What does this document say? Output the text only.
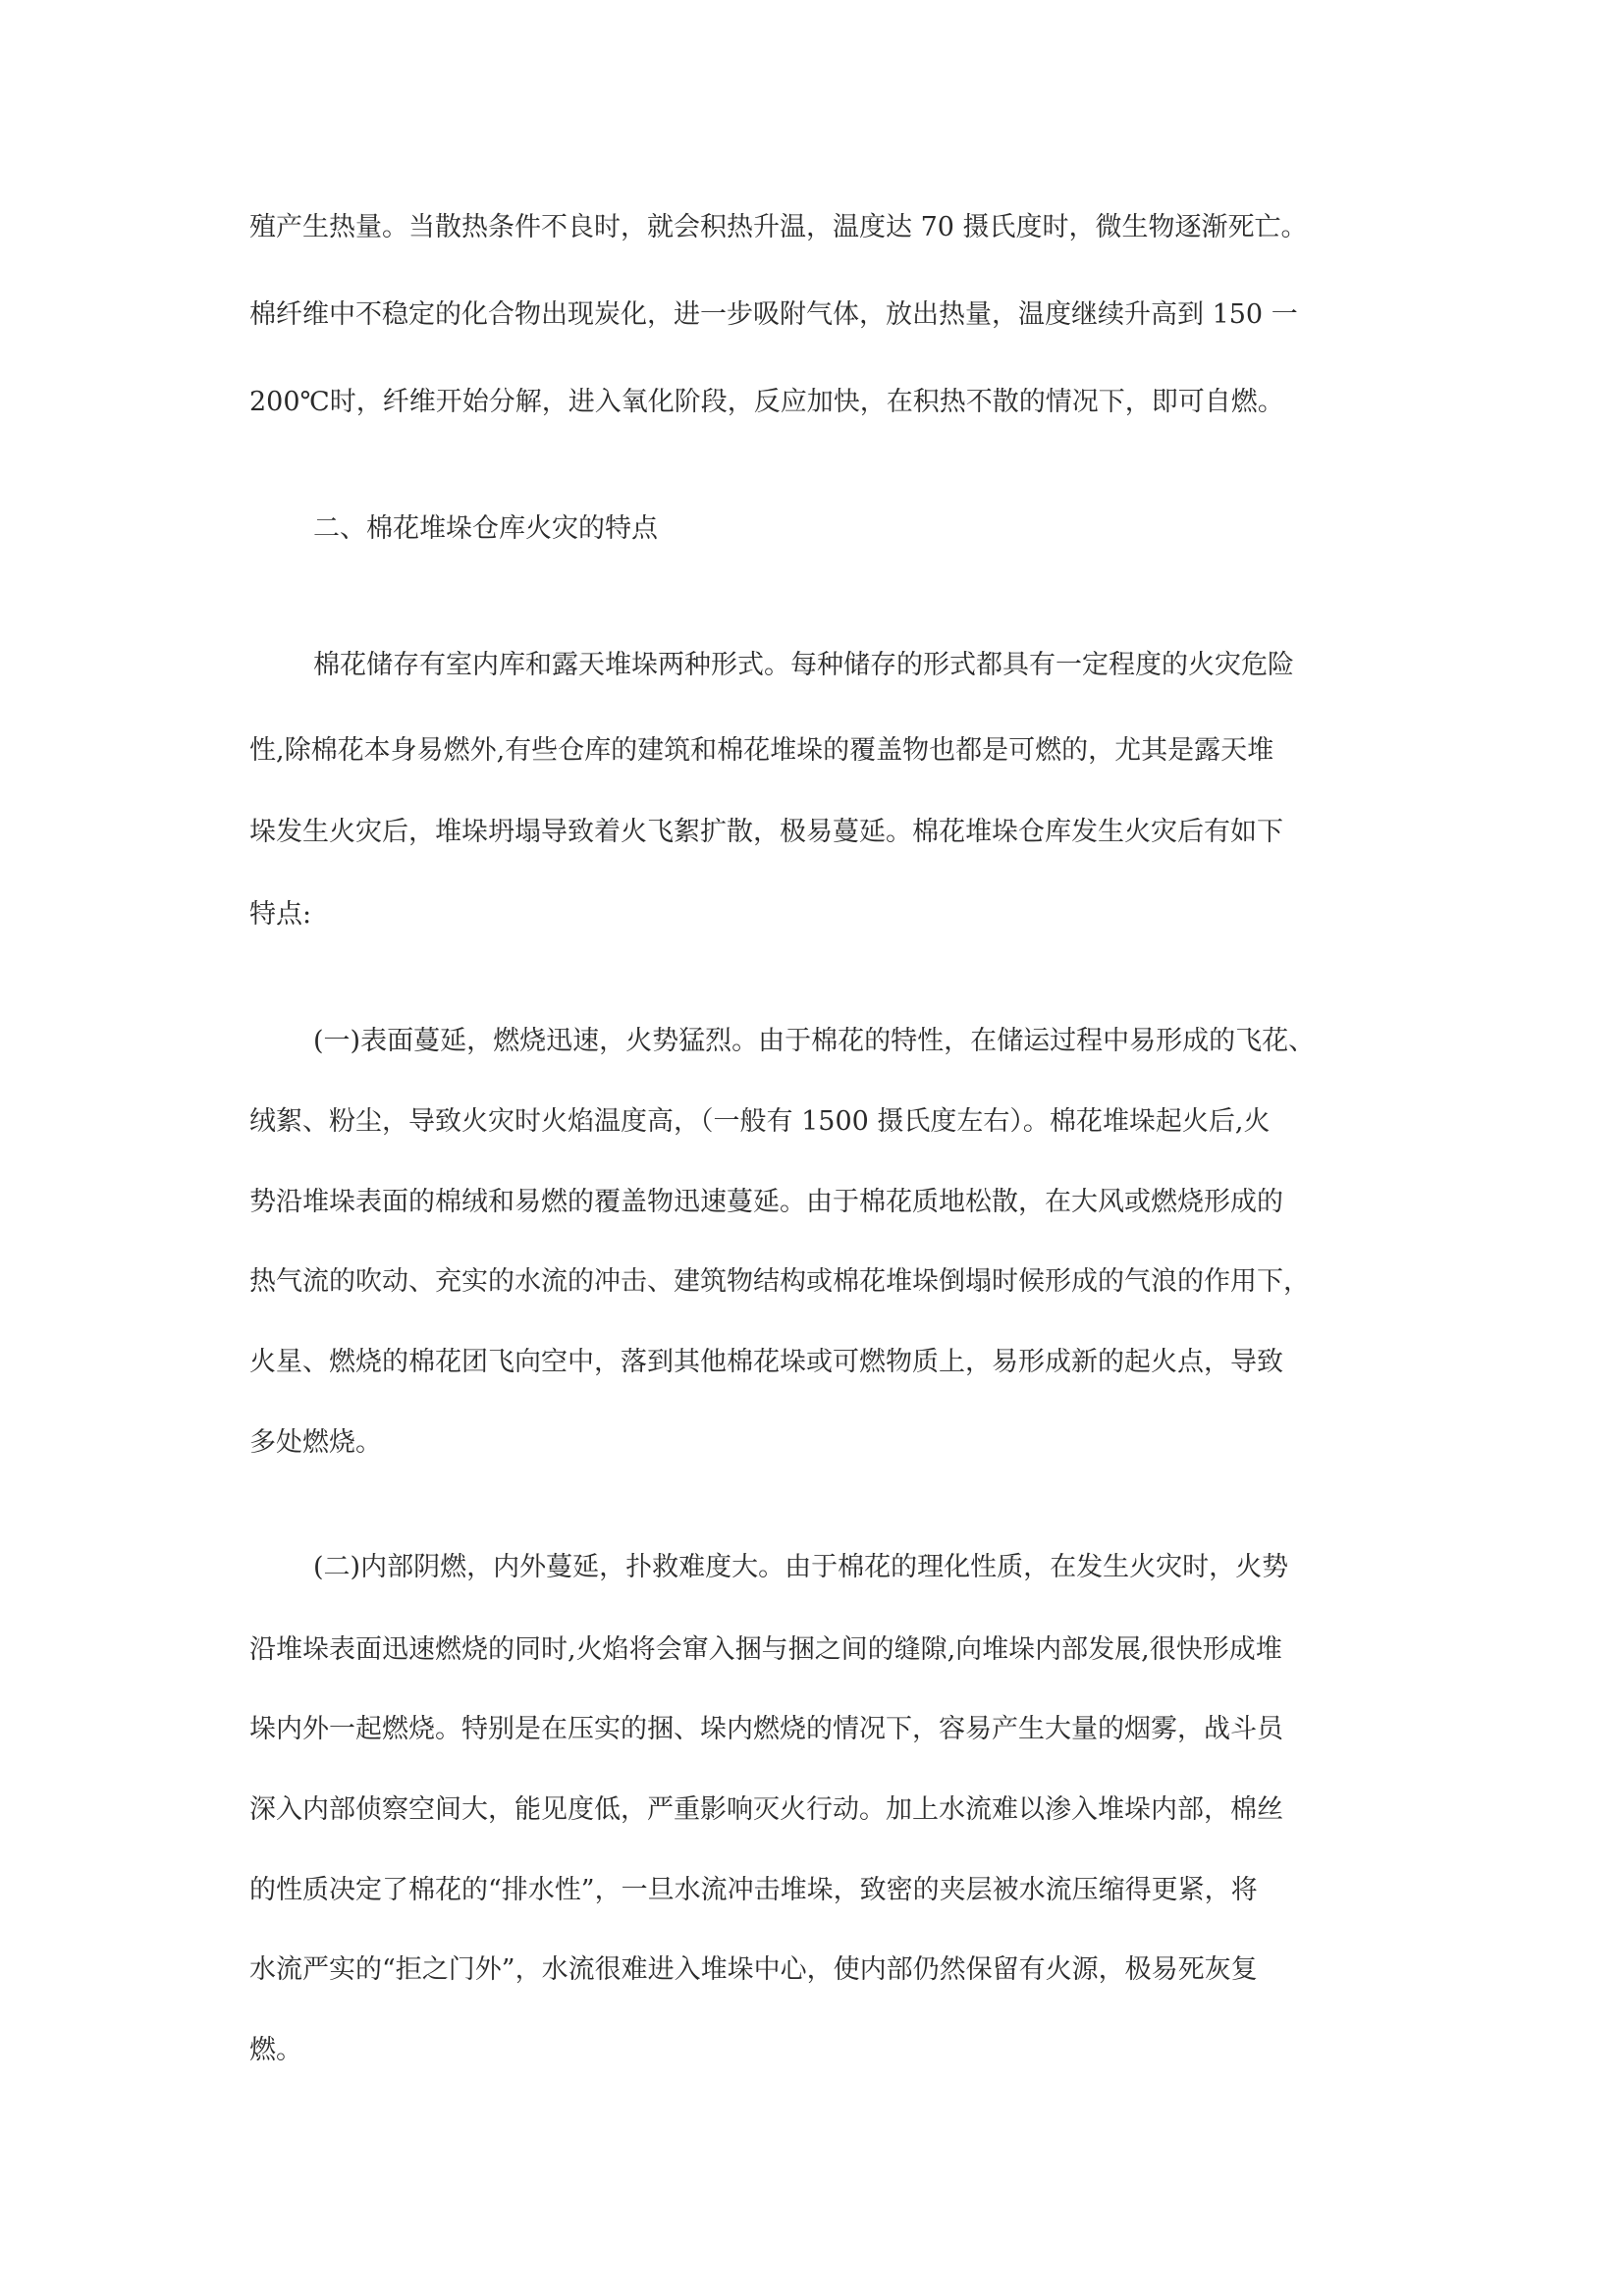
殖产生热量。当散热条件不良时，就会积热升温，温度达 70 摄氏度时，微生物逐渐死亡。
棉纤维中不稳定的化合物出现炭化，进一步吸附气体，放出热量，温度继续升高到 150 一
200℃时，纤维开始分解，进入氧化阶段，反应加快，在积热不散的情况下，即可自燃。
二、棉花堆垛仓库火灾的特点
棉花储存有室内库和露天堆垛两种形式。每种储存的形式都具有一定程度的火灾危险
性,除棉花本身易燃外,有些仓库的建筑和棉花堆垛的覆盖物也都是可燃的，尤其是露天堆
垛发生火灾后，堆垛坍塌导致着火飞絮扩散，极易蔓延。棉花堆垛仓库发生火灾后有如下
特点:
(一)表面蔓延，燃烧迅速，火势猛烈。由于棉花的特性，在储运过程中易形成的飞花、
绒絮、粉尘，导致火灾时火焰温度高，（一般有 1500 摄氏度左右）。棉花堆垛起火后,火
势沿堆垛表面的棉绒和易燃的覆盖物迅速蔓延。由于棉花质地松散，在大风或燃烧形成的
热气流的吹动、充实的水流的冲击、建筑物结构或棉花堆垛倒塌时候形成的气浪的作用下，
火星、燃烧的棉花团飞向空中，落到其他棉花垛或可燃物质上，易形成新的起火点，导致
多处燃烧。
(二)内部阴燃，内外蔓延，扑救难度大。由于棉花的理化性质，在发生火灾时，火势
沿堆垛表面迅速燃烧的同时,火焰将会窜入捆与捆之间的缝隙,向堆垛内部发展,很快形成堆
垛内外一起燃烧。特别是在压实的捆、垛内燃烧的情况下，容易产生大量的烟雾，战斗员
深入内部侦察空间大，能见度低，严重影响灭火行动。加上水流难以渗入堆垛内部，棉丝
的性质决定了棉花的“排水性”，一旦水流冲击堆垛，致密的夹层被水流压缩得更紧，将
水流严实的“拒之门外”，水流很难进入堆垛中心，使内部仍然保留有火源，极易死灰复
燃。
